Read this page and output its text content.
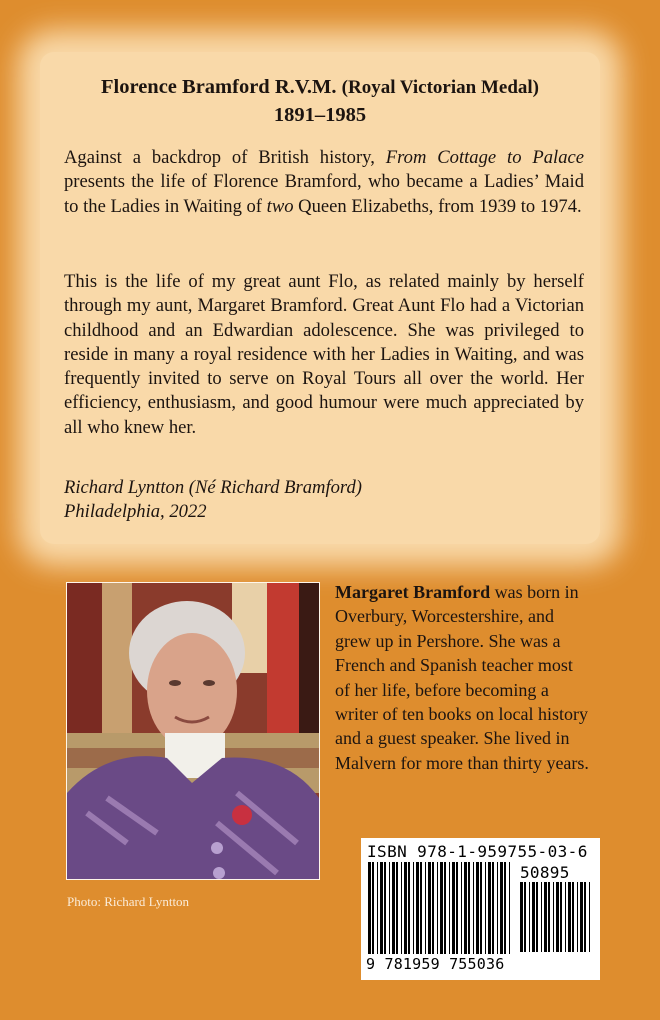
Florence Bramford R.V.M. (Royal Victorian Medal)
1891–1985

Against a backdrop of British history, From Cottage to Palace presents the life of Florence Bramford, who became a Ladies’ Maid to the Ladies in Waiting of two Queen Elizabeths, from 1939 to 1974.

This is the life of my great aunt Flo, as related mainly by herself through my aunt, Margaret Bramford. Great Aunt Flo had a Victorian childhood and an Edwardian adolescence. She was privileged to reside in many a royal residence with her Ladies in Waiting, and was frequently invited to serve on Royal Tours all over the world. Her efficiency, enthusiasm, and good humour were much appreciated by all who knew her.

Richard Lyntton (Né Richard Bramford)
Philadelphia, 2022

Photo: Richard Lyntton

Margaret Bramford was born in Overbury, Worcestershire, and grew up in Pershore. She was a French and Spanish teacher most of her life, before becoming a writer of ten books on local history and a guest speaker. She lived in Malvern for more than thirty years.

ISBN 978-1-959755-03-6
50895
9 781959 755036
